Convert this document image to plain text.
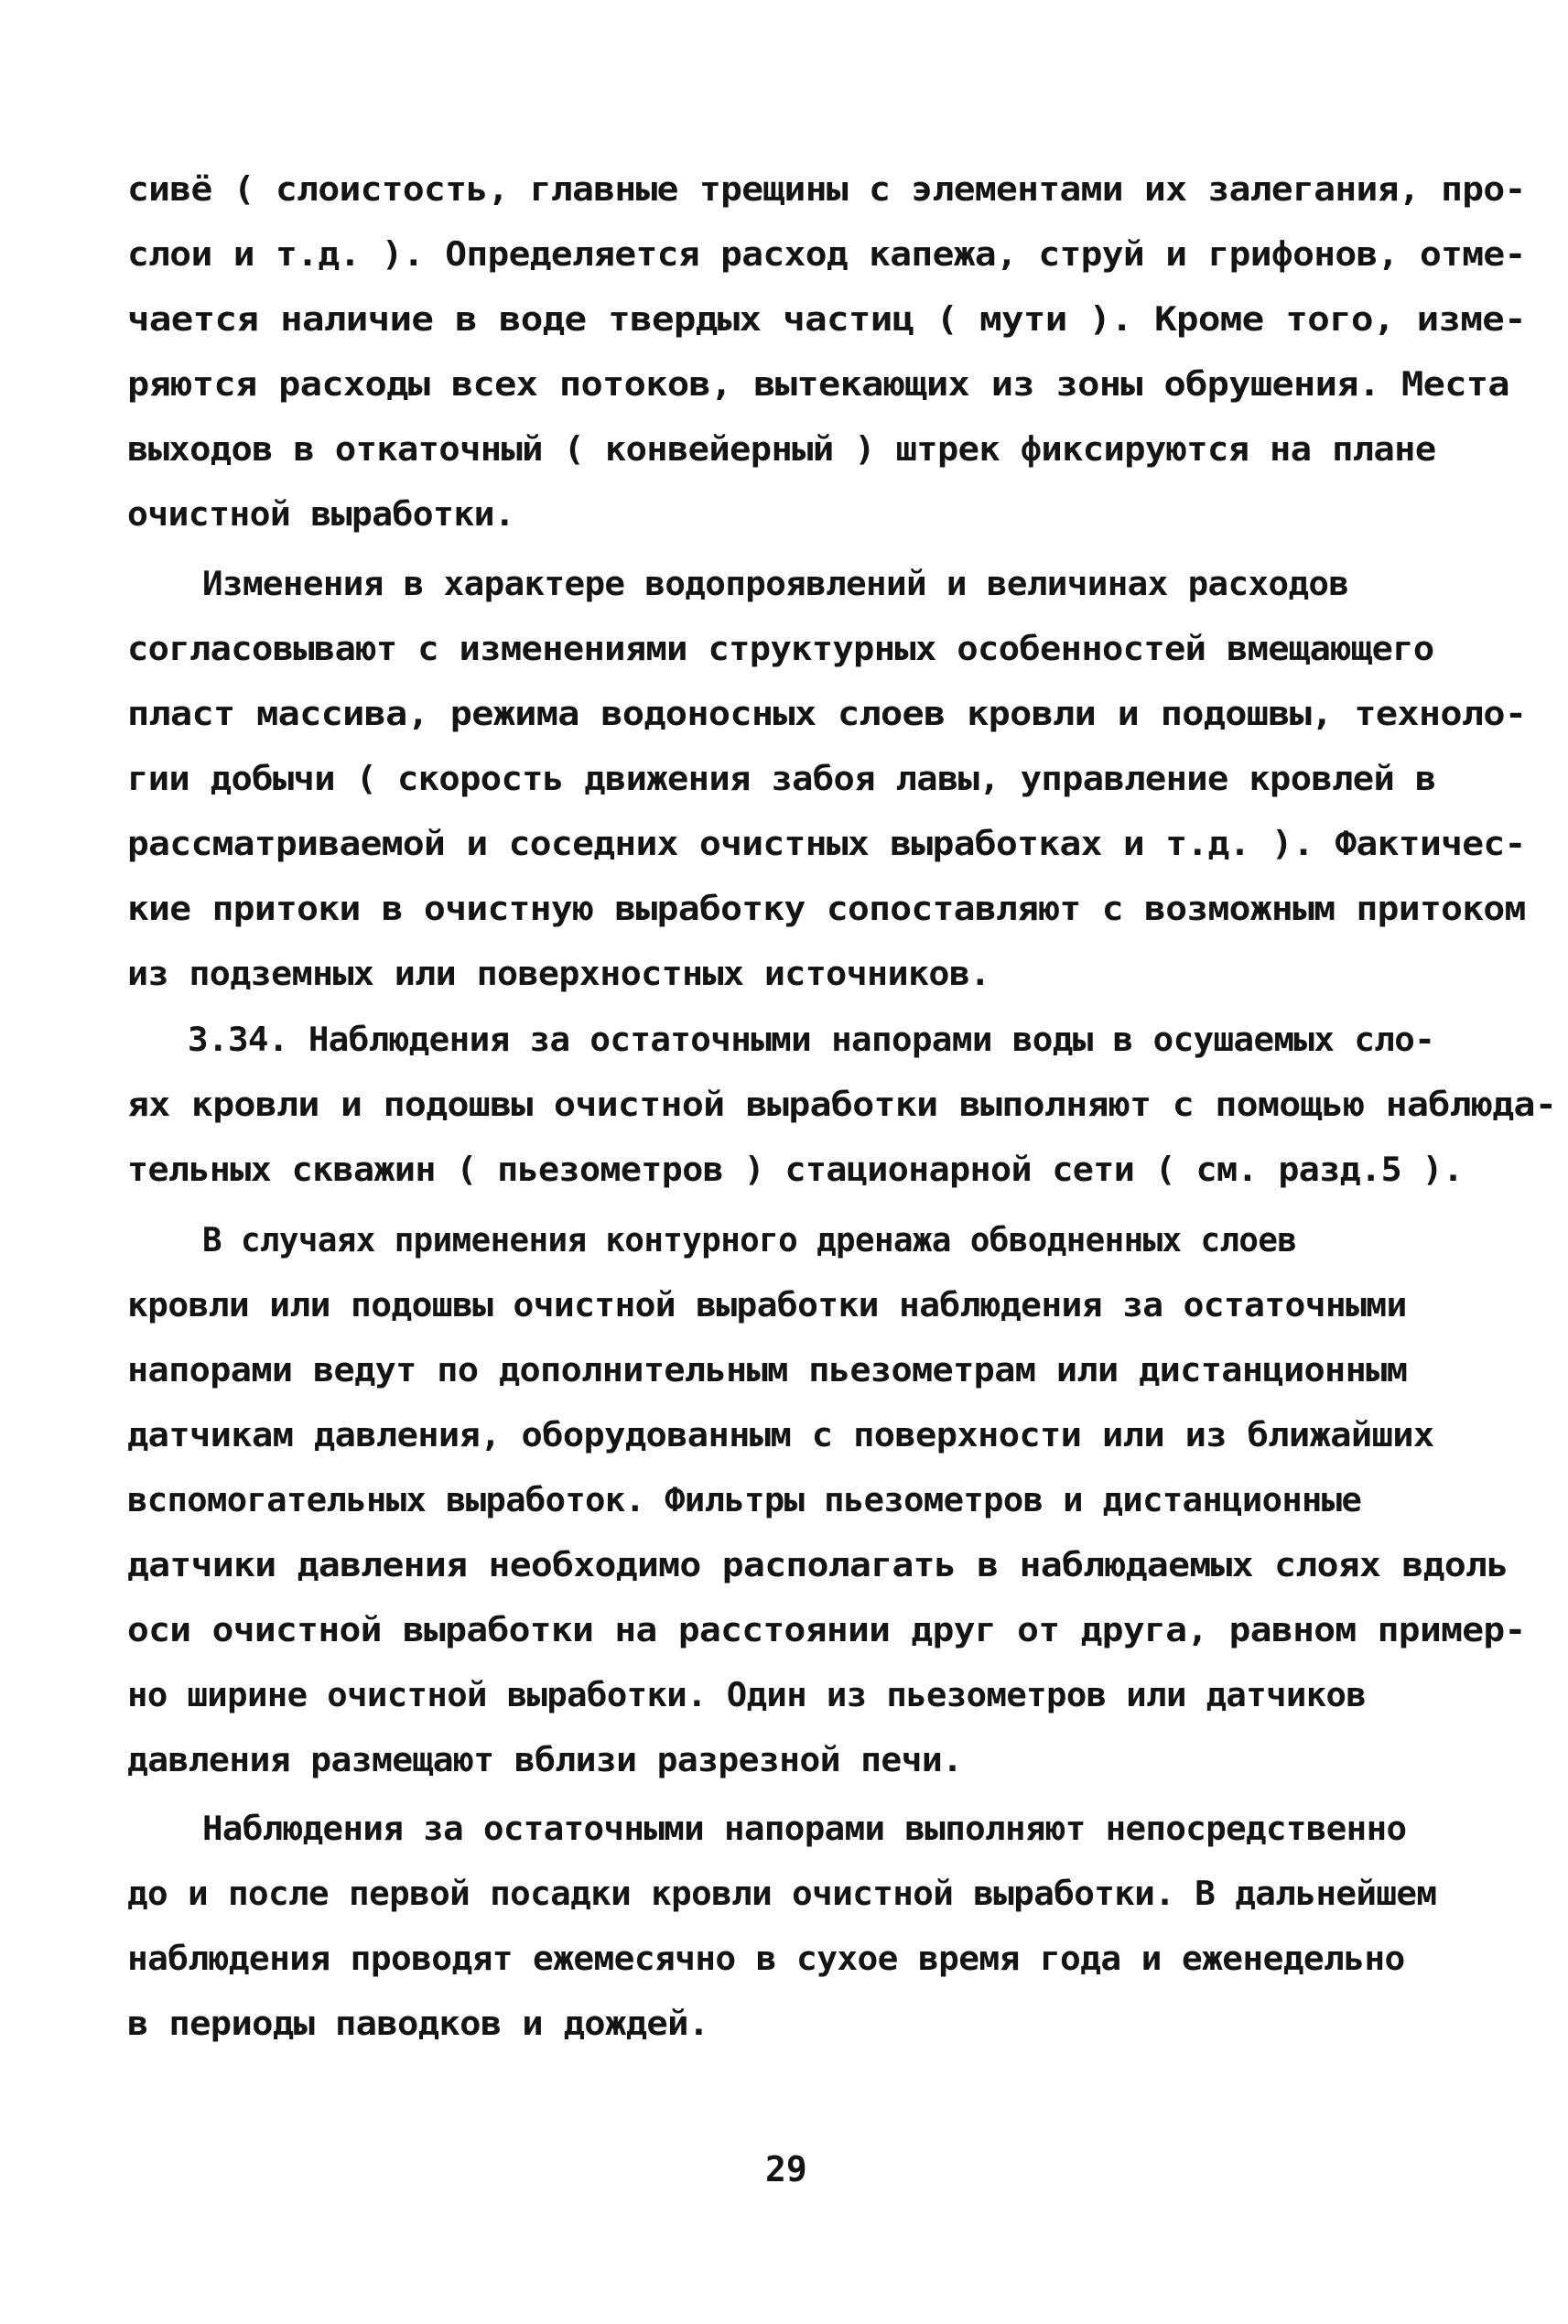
сивё ( слоистость, главные трещины с элементами их залегания, про-
слои и т.д. ). Определяется расход капежа, струй и грифонов, отме-
чается наличие в воде твердых частиц ( мути ). Кроме того, изме-
ряются расходы всех потоков, вытекающих из зоны обрушения. Места
выходов в откаточный ( конвейерный ) штрек фиксируются на плане
очистной выработки.
Изменения в характере водопроявлений и величинах расходов
согласовывают с изменениями структурных особенностей вмещающего
пласт массива, режима водоносных слоев кровли и подошвы, техноло-
гии добычи ( скорость движения забоя лавы, управление кровлей в
рассматриваемой и соседних очистных выработках и т.д. ). Фактичес-
кие притоки в очистную выработку сопоставляют с возможным притоком
из подземных или поверхностных источников.
3.34. Наблюдения за остаточными напорами воды в осушаемых сло-
ях кровли и подошвы очистной выработки выполняют с помощью наблюда-
тельных скважин ( пьезометров ) стационарной сети ( см. разд.5 ).
В случаях применения контурного дренажа обводненных слоев
кровли или подошвы очистной выработки наблюдения за остаточными
напорами ведут по дополнительным пьезометрам или дистанционным
датчикам давления, оборудованным с поверхности или из ближайших
вспомогательных выработок. Фильтры пьезометров и дистанционные
датчики давления необходимо располагать в наблюдаемых слоях вдоль
оси очистной выработки на расстоянии друг от друга, равном пример-
но ширине очистной выработки. Один из пьезометров или датчиков
давления размещают вблизи разрезной печи.
Наблюдения за остаточными напорами выполняют непосредственно
до и после первой посадки кровли очистной выработки. В дальнейшем
наблюдения проводят ежемесячно в сухое время года и еженедельно
в периоды паводков и дождей.
29
